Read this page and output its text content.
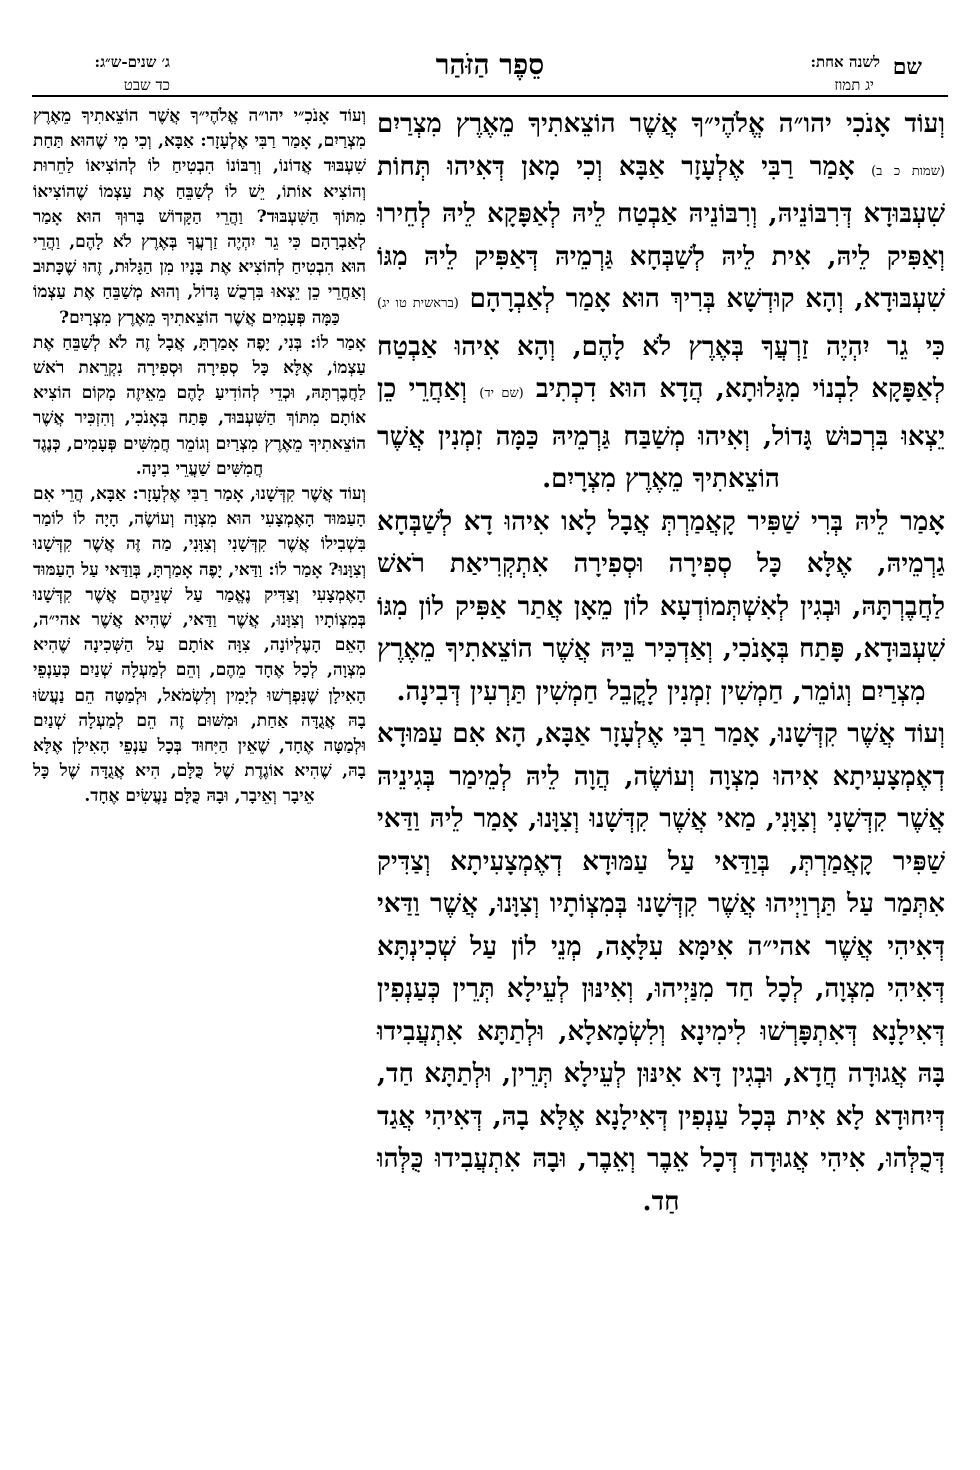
שם
לשנה אחת:
יג תמוז
סֵפֶר הַזֹּהַר
ג׳ שנים-ש״ג:
כד שבט

וְעוֹד אָנֹכִי יהו״ה אֱלֹהֶי״ךָ אֲשֶׁר הוֹצֵאתִיךָ מֵאֶרֶץ מִצְרַיִם (שמות כ ב) אָמַר רַבִּי אֶלְעָזָר אַבָּא וְכִי מָאן דְּאִיהוּ תְּחוֹת שִׁעְבּוּדָא דְּרִבּוֹנֵיהּ, וְרִבּוֹנֵיהּ אַבְטַח לֵיהּ לְאַפָּקָא לֵיהּ לְחֵירוּ וְאַפִּיק לֵיהּ, אִית לֵיהּ לְשַׁבְּחָא גַּרְמֵיהּ דְּאַפִּיק לֵיהּ מִגּוֹ שִׁעְבּוּדָא, וְהָא קוּדְשָׁא בְּרִיךְ הוּא אָמַר לְאַבְרָהָם (בראשית טו יג) כִּי גֵר יִהְיֶה זַרְעֲךָ בְּאֶרֶץ לֹא לָהֶם, וְהָא אִיהוּ אַבְטַח לְאַפָּקָא לִבְנוֹי מִגָּלוּתָא, הֲדָא הוּא דִכְתִיב (שם יד) וְאַחֲרֵי כֵן יֵצְאוּ בִּרְכוּשׁ גָּדוֹל, וְאִיהוּ מְשַׁבַּח גַּרְמֵיהּ כַּמָּה זִמְנִין אֲשֶׁר הוֹצֵאתִיךָ מֵאֶרֶץ מִצְרָיִם.

אָמַר לֵיהּ בְּרִי שַׁפִּיר קָאֲמַרְתְּ אֲבָל לָאו אִיהוּ דָא לְשַׁבְּחָא גַרְמֵיהּ, אֶלָּא כָּל סְפִירָה וּסְפִירָה אִתְקְרִיאַת רֹאשׁ לַחֲבֶרְתָּהּ, וּבְגִין לְאִשְׁתְּמוֹדְעָא לוֹן מֵאָן אֲתַר אַפִּיק לוֹן מִגּוֹ שִׁעְבּוּדָא, פָּתַח בְּאָנֹכִי, וְאַדְכִּיר בֵּיהּ אֲשֶׁר הוֹצֵאתִיךָ מֵאֶרֶץ מִצְרַיִם וְגוֹמֵר, חַמְשִׁין זִמְנִין לָקֳבֵל חַמְשִׁין תַּרְעִין דְּבִינָה.

וְעוֹד אֲשֶׁר קִדְּשָׁנוּ, אָמַר רַבִּי אֶלְעָזָר אַבָּא, הָא אִם עַמּוּדָא דְאֶמְצָעִיתָא אִיהוּ מִצְוָה וְעוֹשֶׂה, הֲוָה לֵיהּ לְמֵימַר בְּגִינֵיהּ אֲשֶׁר קִדְּשָׁנִי וְצִוָּנִי, מַאי אֲשֶׁר קִדְּשָׁנוּ וְצִוָּנוּ, אָמַר לֵיהּ וַדַּאי שַׁפִּיר קָאֲמַרְתְּ, בְּוַדַּאי עַל עַמּוּדָא דְאֶמְצָעִיתָא וְצַדִּיק אִתְּמַר עַל תַּרְוַיְיהוּ אֲשֶׁר קִדְּשָׁנוּ בְּמִצְוֹתָיו וְצִוָּנוּ, אֲשֶׁר וַדַּאי דְּאִיהִי אֲשֶׁר אהי״ה אִימָּא עִלָּאָה, מְנֵי לוֹן עַל שְׁכִינְתָּא דְּאִיהִי מִצְוָה, לְכָל חַד מִנַּיְיהוּ, וְאִינּוּן לְעֵילָא תְּרֵין כְּעַנְפִין דְּאִילָנָא דְּאִתְפָּרְשׁוּ לִימִינָא וְלִשְׂמָאלָא, וּלְתַתָּא אִתְעֲבִידוּ בָּהּ אֲגוּדָה חֲדָא, וּבְגִין דָּא אִינּוּן לְעֵילָא תְּרֵין, וּלְתַתָּא חַד, דְּיִחוּדָא לָא אִית בְּכָל עַנְפִין דְּאִילָנָא אֶלָּא בָהּ, דְּאִיהִי אֲגַד דְּכֻלְּהוּ, אִיהִי אֲגוּדָה דְּכָל אֵבֶר וְאֵבֶר, וּבָהּ אִתְעֲבִידוּ כֻּלְּהוּ חַד.

וְעוֹד אָנֹכִ״י יהו״ה אֱלֹהֶי״ךָ אֲשֶׁר הוֹצֵאתִיךָ מֵאֶרֶץ מִצְרַיִם, אָמַר רַבִּי אֶלְעָזָר: אַבָּא, וְכִי מִי שֶׁהוּא תַּחַת שִׁעְבּוּד אֲדוֹנוֹ, וְרִבּוֹנוֹ הִבְטִיחַ לוֹ לְהוֹצִיאוֹ לַחֵרוּת וְהוֹצִיא אוֹתוֹ, יֵשׁ לוֹ לְשַׁבֵּחַ אֶת עַצְמוֹ שֶׁהוֹצִיאוֹ מִתּוֹךְ הַשִּׁעְבּוּד? וַהֲרֵי הַקָּדוֹשׁ בָּרוּךְ הוּא אָמַר לְאַבְרָהָם כִּי גֵר יִהְיֶה זַרְעֲךָ בְּאֶרֶץ לֹא לָהֶם, וַהֲרֵי הוּא הִבְטִיחַ לְהוֹצִיא אֶת בָּנָיו מִן הַגָּלוּת, זֶהוּ שֶׁכָּתוּב וְאַחֲרֵי כֵן יֵצְאוּ בִּרְכֻשׁ גָּדוֹל, וְהוּא מְשַׁבֵּחַ אֶת עַצְמוֹ כַּמָּה פְּעָמִים אֲשֶׁר הוֹצֵאתִיךָ מֵאֶרֶץ מִצְרָיִם?

אָמַר לוֹ: בְּנִי, יָפֶה אָמַרְתָּ, אֲבָל זֶה לֹא לְשַׁבֵּחַ אֶת עַצְמוֹ, אֶלָּא כָּל סְפִירָה וּסְפִירָה נִקְרֵאת רֹאשׁ לַחֲבֶרְתָּהּ, וּכְדֵי לְהוֹדִיעַ לָהֶם מֵאֵיזֶה מָקוֹם הוֹצִיא אוֹתָם מִתּוֹךְ הַשִּׁעְבּוּד, פָּתַח בְּאָנֹכִי, וְהִזְכִּיר אֲשֶׁר הוֹצֵאתִיךָ מֵאֶרֶץ מִצְרַיִם וְגוֹמֵר חֲמִשִּׁים פְּעָמִים, כְּנֶגֶד חֲמִשִּׁים שַׁעֲרֵי בִינָה.

וְעוֹד אֲשֶׁר קִדְּשָׁנוּ, אָמַר רַבִּי אֶלְעָזָר: אַבָּא, הֲרֵי אִם הָעַמּוּד הָאֶמְצָעִי הוּא מִצְוָה וְעוֹשֶׂה, הָיָה לוֹ לוֹמַר בִּשְׁבִילוֹ אֲשֶׁר קִדְּשָׁנִי וְצִוָּנִי, מַה זֶּה אֲשֶׁר קִדְּשָׁנוּ וְצִוָּנוּ? אָמַר לוֹ: וַדַּאי, יָפֶה אָמַרְתָּ, בְּוַדַּאי עַל הָעַמּוּד הָאֶמְצָעִי וְצַדִּיק נֶאֱמַר עַל שְׁנֵיהֶם אֲשֶׁר קִדְּשָׁנוּ בְּמִצְוֹתָיו וְצִוָּנוּ, אֲשֶׁר וַדַּאי, שֶׁהִיא אֲשֶׁר אהי״ה, הָאֵם הָעֶלְיוֹנָה, צִוָּה אוֹתָם עַל הַשְּׁכִינָה שֶׁהִיא מִצְוָה, לְכָל אֶחָד מֵהֶם, וְהֵם לְמַעְלָה שְׁנַיִם כְּעַנְפֵי הָאִילָן שֶׁנִּפְרְשׁוּ לְיָמִין וְלִשְׂמֹאל, וּלְמַטָּה הֵם נַעֲשׂוּ בָהּ אֲגֻדָּה אַחַת, וּמִשּׁוּם זֶה הֵם לְמַעְלָה שְׁנַיִם וּלְמַטָּה אֶחָד, שֶׁאֵין הַיִּחוּד בְּכָל עַנְפֵי הָאִילָן אֶלָּא בָהּ, שֶׁהִיא אוֹגֶדֶת שֶׁל כֻּלָּם, הִיא אֲגֻדָּה שֶׁל כָּל אֵיבָר וְאֵיבָר, וּבָהּ כֻּלָּם נַעֲשִׂים אֶחָד.
